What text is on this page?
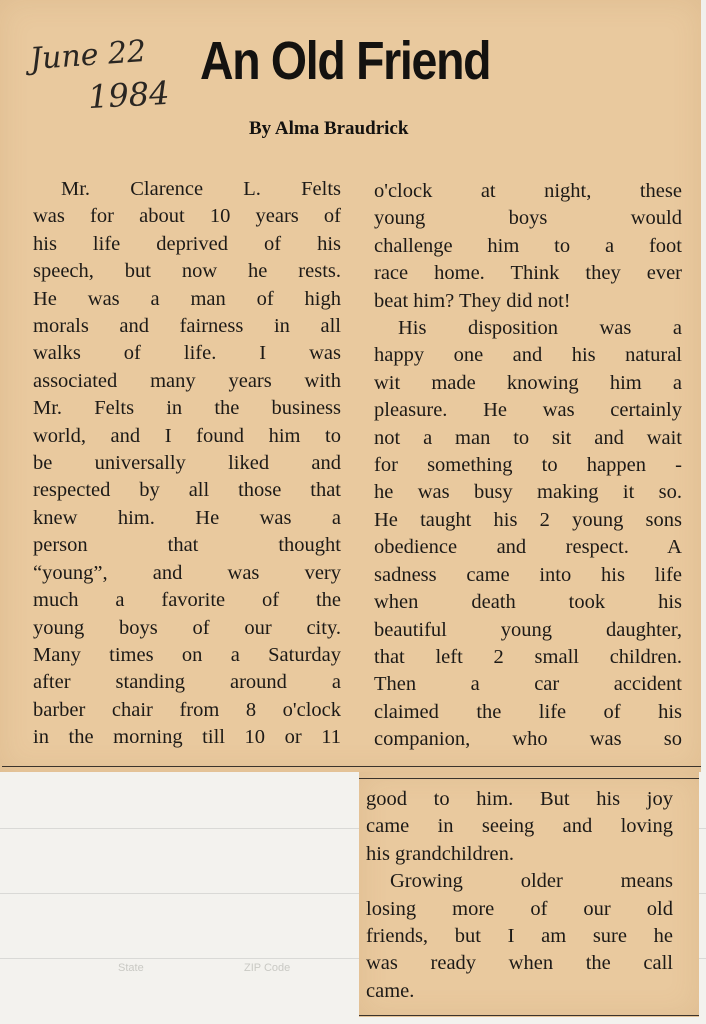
State	ZIP Code
June 22
1984
An Old Friend
By Alma Braudrick
Mr. Clarence L. Felts
was for about 10 years of
his life deprived of his
speech, but now he rests.
He was a man of high
morals and fairness in all
walks of life. I was
associated many years with
Mr. Felts in the business
world, and I found him to
be universally liked and
respected by all those that
knew him. He was a
person that thought
“young”, and was very
much a favorite of the
young boys of our city.
Many times on a Saturday
after standing around a
barber chair from 8 o'clock
in the morning till 10 or 11
o'clock at night, these
young boys would
challenge him to a foot
race home. Think they ever
beat him? They did not!
His disposition was a
happy one and his natural
wit made knowing him a
pleasure. He was certainly
not a man to sit and wait
for something to happen -
he was busy making it so.
He taught his 2 young sons
obedience and respect. A
sadness came into his life
when death took his
beautiful young daughter,
that left 2 small children.
Then a car accident
claimed the life of his
companion, who was so
good to him. But his joy
came in seeing and loving
his grandchildren.
Growing older means
losing more of our old
friends, but I am sure he
was ready when the call
came.
